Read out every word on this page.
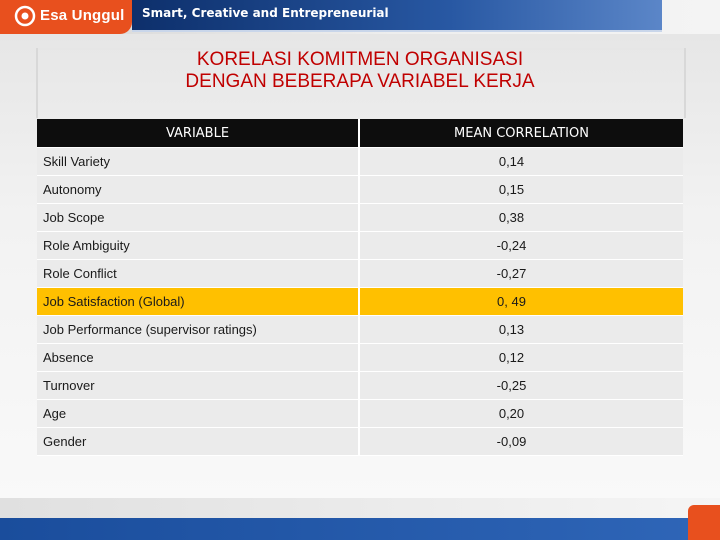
Esa Unggul Smart, Creative and Entrepreneurial
KORELASI KOMITMEN ORGANISASI
DENGAN BEBERAPA VARIABEL KERJA
VARIABLE	MEAN CORRELATION
Skill Variety	0,14
Autonomy	0,15
Job Scope	0,38
Role Ambiguity	-0,24
Role Conflict	-0,27
Job Satisfaction (Global)	0, 49
Job Performance (supervisor ratings)	0,13
Absence	0,12
Turnover	-0,25
Age	0,20
Gender	-0,09
